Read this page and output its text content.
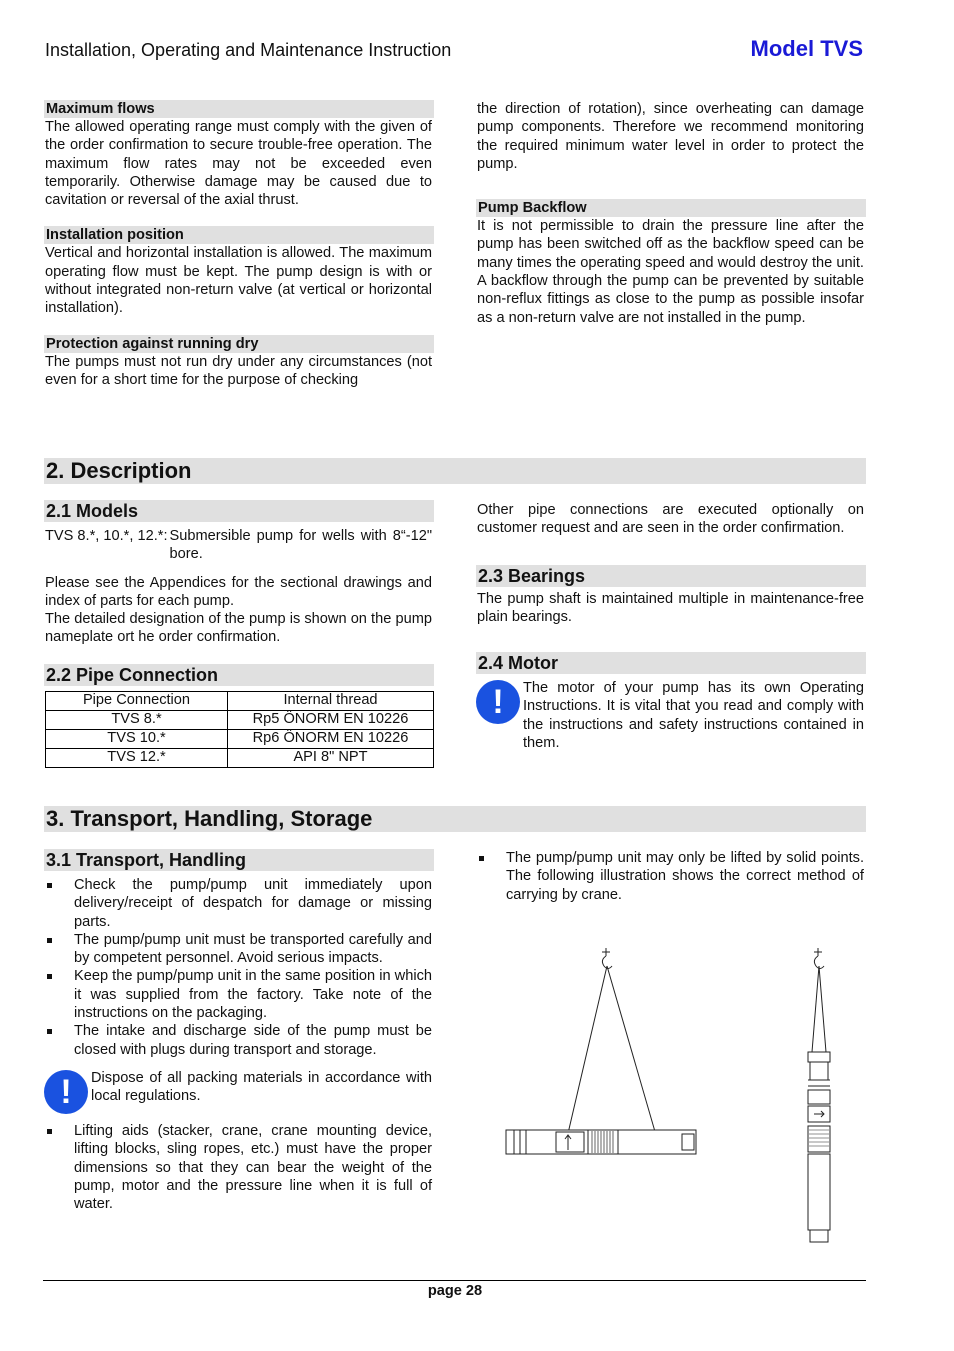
Installation, Operating and Maintenance Instruction	Model TVS
Maximum flows
The allowed operating range must comply with the given of the order confirmation to secure trouble-free operation. The maximum flow rates may not be exceeded even temporarily. Otherwise damage may be caused due to cavitation or reversal of the axial thrust.
Installation position
Vertical and horizontal installation is allowed. The maximum operating flow must be kept. The pump design is with or without integrated non-return valve (at vertical or horizontal installation).
Protection against running dry
The pumps must not run dry under any circumstances (not even for a short time for the purpose of checking
the direction of rotation), since overheating can damage pump components. Therefore we recommend monitoring the required minimum water level in order to protect the pump.
Pump Backflow
It is not permissible to drain the pressure line after the pump has been switched off as the backflow speed can be many times the operating speed and would destroy the unit. A backflow through the pump can be prevented by suitable non-reflux fittings as close to the pump as possible insofar as a non-return valve are not installed in the pump.
2. Description
2.1 Models
TVS 8.*, 10.*, 12.*: Submersible pump for wells with 8“-12" bore.
Please see the Appendices for the sectional drawings and index of parts for each pump.
The detailed designation of the pump is shown on the pump nameplate ort he order confirmation.
2.2 Pipe Connection
Pipe Connection	Internal thread
TVS 8.*	Rp5 ÖNORM EN 10226
TVS 10.*	Rp6 ÖNORM EN 10226
TVS 12.*	API 8" NPT
Other pipe connections are executed optionally on customer request and are seen in the order confirmation.
2.3 Bearings
The pump shaft is maintained multiple in maintenance-free plain bearings.
2.4 Motor
!	The motor of your pump has its own Operating Instructions. It is vital that you read and comply with the instructions and safety instructions contained in them.
3. Transport, Handling, Storage
3.1 Transport, Handling
Check the pump/pump unit immediately upon delivery/receipt of despatch for damage or missing parts.
The pump/pump unit must be transported carefully and by competent personnel. Avoid serious impacts.
Keep the pump/pump unit in the same position in which it was supplied from the factory. Take note of the instructions on the packaging.
The intake and discharge side of the pump must be closed with plugs during transport and storage.
!	Dispose of all packing materials in accordance with local regulations.
Lifting aids (stacker, crane, crane mounting device, lifting blocks, sling ropes, etc.) must have the proper dimensions so that they can bear the weight of the pump, motor and the pressure line when it is full of water.
The pump/pump unit may only be lifted by solid points. The following illustration shows the correct method of carrying by crane.
page 28
